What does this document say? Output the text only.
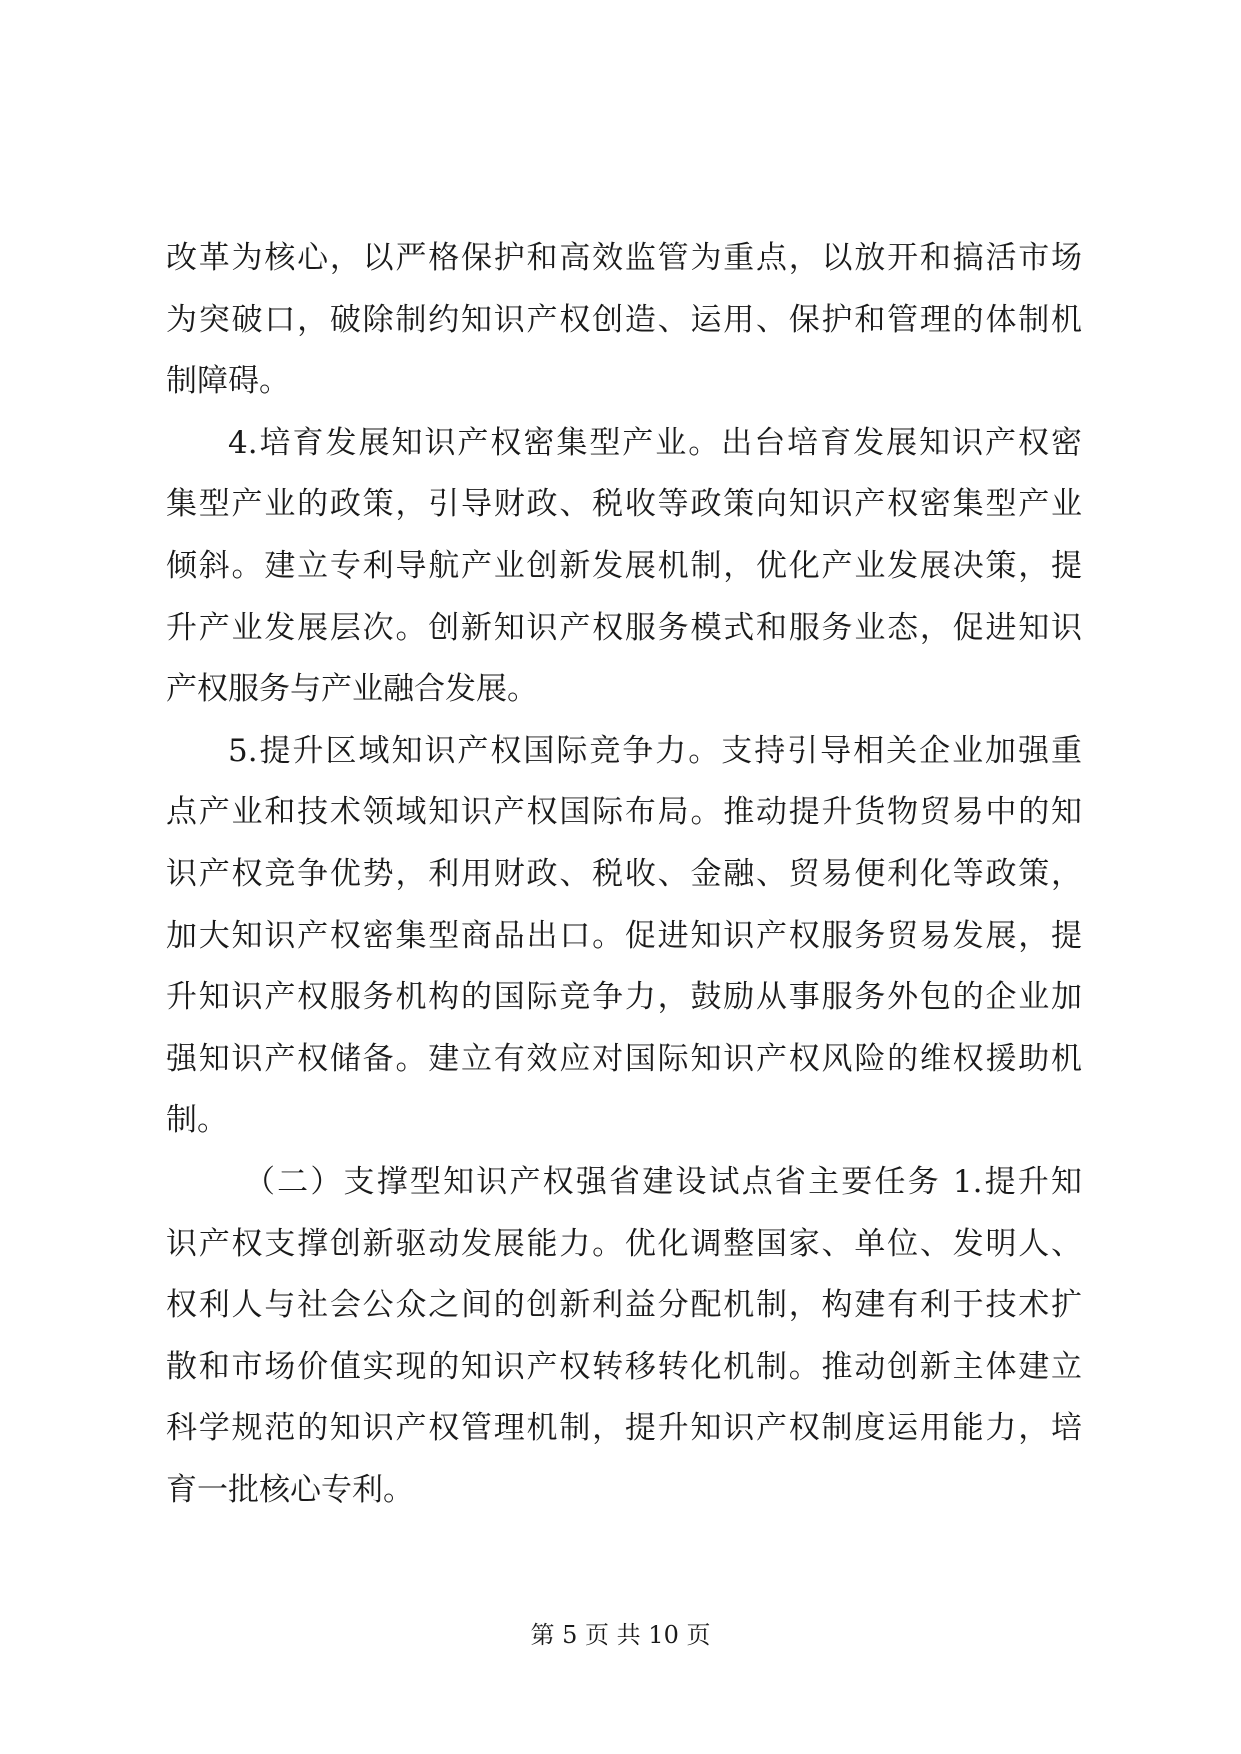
改革为核心，以严格保护和高效监管为重点，以放开和搞活市场
为突破口，破除制约知识产权创造、运用、保护和管理的体制机
制障碍。
4.培育发展知识产权密集型产业。出台培育发展知识产权密
集型产业的政策，引导财政、税收等政策向知识产权密集型产业
倾斜。建立专利导航产业创新发展机制，优化产业发展决策，提
升产业发展层次。创新知识产权服务模式和服务业态，促进知识
产权服务与产业融合发展。
5.提升区域知识产权国际竞争力。支持引导相关企业加强重
点产业和技术领域知识产权国际布局。推动提升货物贸易中的知
识产权竞争优势，利用财政、税收、金融、贸易便利化等政策，
加大知识产权密集型商品出口。促进知识产权服务贸易发展，提
升知识产权服务机构的国际竞争力，鼓励从事服务外包的企业加
强知识产权储备。建立有效应对国际知识产权风险的维权援助机
制。
（二）支撑型知识产权强省建设试点省主要任务 1.提升知
识产权支撑创新驱动发展能力。优化调整国家、单位、发明人、
权利人与社会公众之间的创新利益分配机制，构建有利于技术扩
散和市场价值实现的知识产权转移转化机制。推动创新主体建立
科学规范的知识产权管理机制，提升知识产权制度运用能力，培
育一批核心专利。
第 5 页 共 10 页
